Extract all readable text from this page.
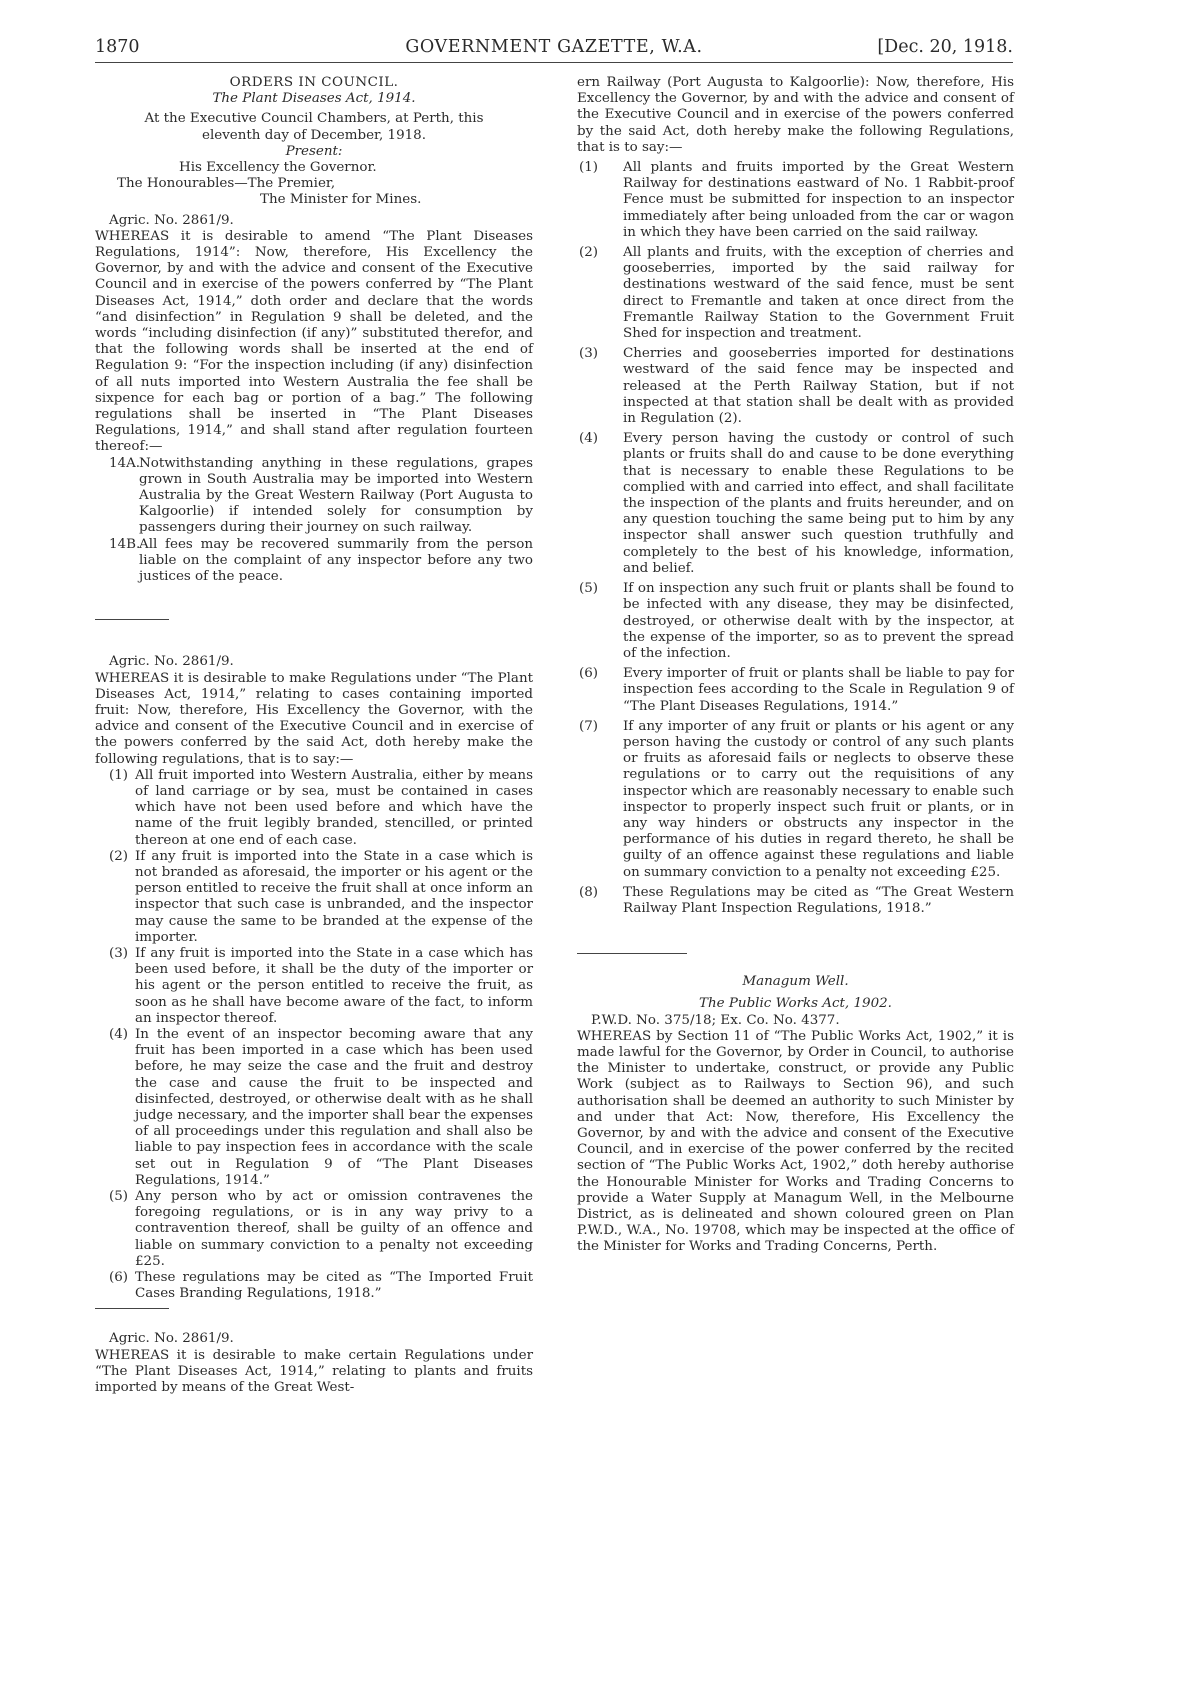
1870	GOVERNMENT GAZETTE, W.A.	[Dec. 20, 1918.
ORDERS IN COUNCIL.
The Plant Diseases Act, 1914.
At the Executive Council Chambers, at Perth, this
eleventh day of December, 1918.
Present:
His Excellency the Governor.
The Honourables—The Premier,
The Minister for Mines.
Agric. No. 2861/9.

WHEREAS it is desirable to amend “The Plant Diseases Regulations, 1914”: Now, therefore, His Excellency the Governor, by and with the advice and consent of the Executive Council and in exercise of the powers conferred by “The Plant Diseases Act, 1914,” doth order and declare that the words “and disinfection” in Regulation 9 shall be deleted, and the words “including disinfection (if any)” substituted therefor, and that the following words shall be inserted at the end of Regulation 9: “For the inspection including (if any) disinfection of all nuts imported into Western Australia the fee shall be sixpence for each bag or portion of a bag.” The following regulations shall be inserted in “The Plant Diseases Regulations, 1914,” and shall stand after regulation fourteen thereof:—

14A.
Notwithstanding anything in these regulations, grapes grown in South Australia may be imported into Western Australia by the Great Western Railway (Port Augusta to Kalgoorlie) if intended solely for consumption by passengers during their journey on such railway.
14B.
All fees may be recovered summarily from the person liable on the complaint of any inspector before any two justices of the peace.
Agric. No. 2861/9.

WHEREAS it is desirable to make Regulations under “The Plant Diseases Act, 1914,” relating to cases containing imported fruit: Now, therefore, His Excellency the Governor, with the advice and consent of the Executive Council and in exercise of the powers conferred by the said Act, doth hereby make the following regulations, that is to say:—

(1) All fruit imported into Western Australia, either by means of land carriage or by sea, must be contained in cases which have not been used before and which have the name of the fruit legibly branded, stencilled, or printed thereon at one end of each case.
(2) If any fruit is imported into the State in a case which is not branded as aforesaid, the importer or his agent or the person entitled to receive the fruit shall at once inform an inspector that such case is unbranded, and the inspector may cause the same to be branded at the expense of the importer.
(3) If any fruit is imported into the State in a case which has been used before, it shall be the duty of the importer or his agent or the person entitled to receive the fruit, as soon as he shall have become aware of the fact, to inform an inspector thereof.
(4) In the event of an inspector becoming aware that any fruit has been imported in a case which has been used before, he may seize the case and the fruit and destroy the case and cause the fruit to be inspected and disinfected, destroyed, or otherwise dealt with as he shall judge necessary, and the importer shall bear the expenses of all proceedings under this regulation and shall also be liable to pay inspection fees in accordance with the scale set out in Regulation 9 of “The Plant Diseases Regulations, 1914.”
(5) Any person who by act or omission contravenes the foregoing regulations, or is in any way privy to a contravention thereof, shall be guilty of an offence and liable on summary conviction to a penalty not exceeding £25.
(6) These regulations may be cited as “The Imported Fruit Cases Branding Regulations, 1918.”
Agric. No. 2861/9.

WHEREAS it is desirable to make certain Regulations under “The Plant Diseases Act, 1914,” relating to plants and fruits imported by means of the Great West-

ern Railway (Port Augusta to Kalgoorlie): Now, therefore, His Excellency the Governor, by and with the advice and consent of the Executive Council and in exercise of the powers conferred by the said Act, doth hereby make the following Regulations, that is to say:—

(1)	All plants and fruits imported by the Great Western Railway for destinations eastward of No. 1 Rabbit-proof Fence must be submitted for inspection to an inspector immediately after being unloaded from the car or wagon in which they have been carried on the said railway.
(2)	All plants and fruits, with the exception of cherries and gooseberries, imported by the said railway for destinations westward of the said fence, must be sent direct to Fremantle and taken at once direct from the Fremantle Railway Station to the Government Fruit Shed for inspection and treatment.
(3)	Cherries and gooseberries imported for destinations westward of the said fence may be inspected and released at the Perth Railway Station, but if not inspected at that station shall be dealt with as provided in Regulation (2).
(4)	Every person having the custody or control of such plants or fruits shall do and cause to be done everything that is necessary to enable these Regulations to be complied with and carried into effect, and shall facilitate the inspection of the plants and fruits hereunder, and on any question touching the same being put to him by any inspector shall answer such question truthfully and completely to the best of his knowledge, information, and belief.
(5)	If on inspection any such fruit or plants shall be found to be infected with any disease, they may be disinfected, destroyed, or otherwise dealt with by the inspector, at the expense of the importer, so as to prevent the spread of the infection.
(6)	Every importer of fruit or plants shall be liable to pay for inspection fees according to the Scale in Regulation 9 of “The Plant Diseases Regulations, 1914.”
(7)	If any importer of any fruit or plants or his agent or any person having the custody or control of any such plants or fruits as aforesaid fails or neglects to observe these regulations or to carry out the requisitions of any inspector which are reasonably necessary to enable such inspector to properly inspect such fruit or plants, or in any way hinders or obstructs any inspector in the performance of his duties in regard thereto, he shall be guilty of an offence against these regulations and liable on summary conviction to a penalty not exceeding £25.
(8)	These Regulations may be cited as “The Great Western Railway Plant Inspection Regulations, 1918.”
Managum Well.
The Public Works Act, 1902.
P.W.D. No. 375/18; Ex. Co. No. 4377.

WHEREAS by Section 11 of “The Public Works Act, 1902,” it is made lawful for the Governor, by Order in Council, to authorise the Minister to undertake, construct, or provide any Public Work (subject as to Railways to Section 96), and such authorisation shall be deemed an authority to such Minister by and under that Act: Now, therefore, His Excellency the Governor, by and with the advice and consent of the Executive Council, and in exercise of the power conferred by the recited section of “The Public Works Act, 1902,” doth hereby authorise the Honourable Minister for Works and Trading Concerns to provide a Water Supply at Managum Well, in the Melbourne District, as is delineated and shown coloured green on Plan P.W.D., W.A., No. 19708, which may be inspected at the office of the Minister for Works and Trading Concerns, Perth.
